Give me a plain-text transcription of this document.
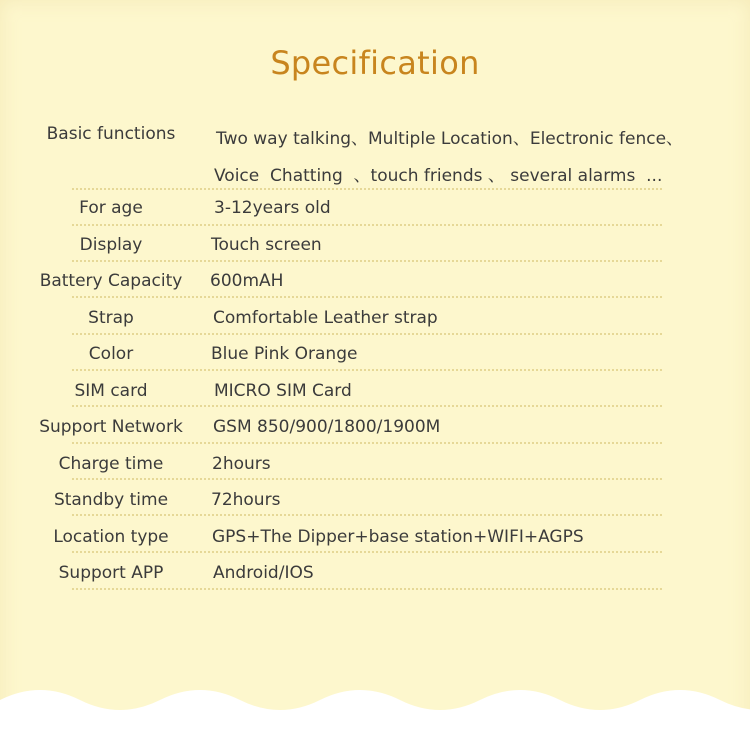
Specification
Basic functions	Two way talking、Multiple Location、Electronic fence、
Voice  Chatting  、touch friends 、 several alarms  ...
For age	3-12years old
Display	Touch screen
Battery Capacity	600mAH
Strap	Comfortable Leather strap
Color	Blue Pink Orange
SIM card	MICRO SIM Card
Support Network	GSM 850/900/1800/1900M
Charge time	2hours
Standby time	72hours
Location type	GPS+The Dipper+base station+WIFI+AGPS
Support APP	Android/IOS
